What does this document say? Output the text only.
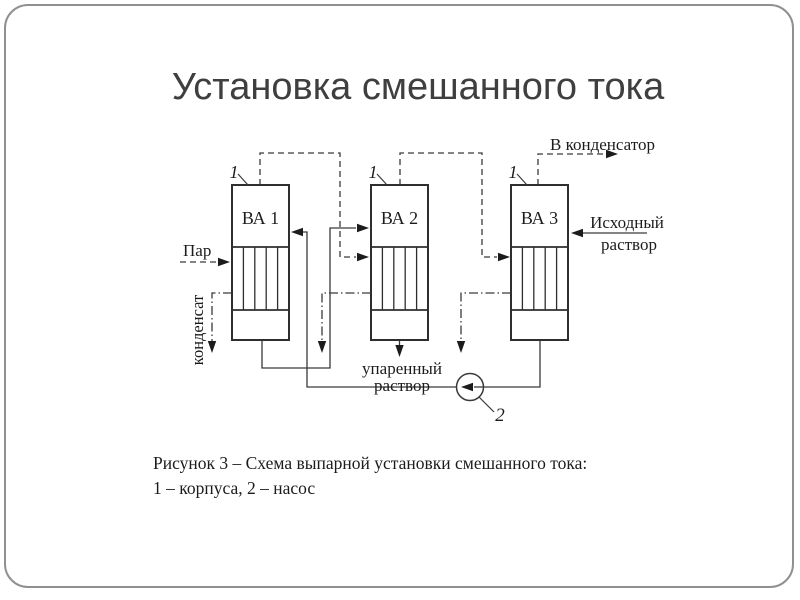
Установка смешанного тока
ВА 1
1
ВА 2
1
ВА 3
1
2
Пар
конденсат
В конденсатор
Исходный
раствор
упаренный
раствор
Рисунок 3 – Схема выпарной установки смешанного тока:
1 – корпуса, 2 – насос
